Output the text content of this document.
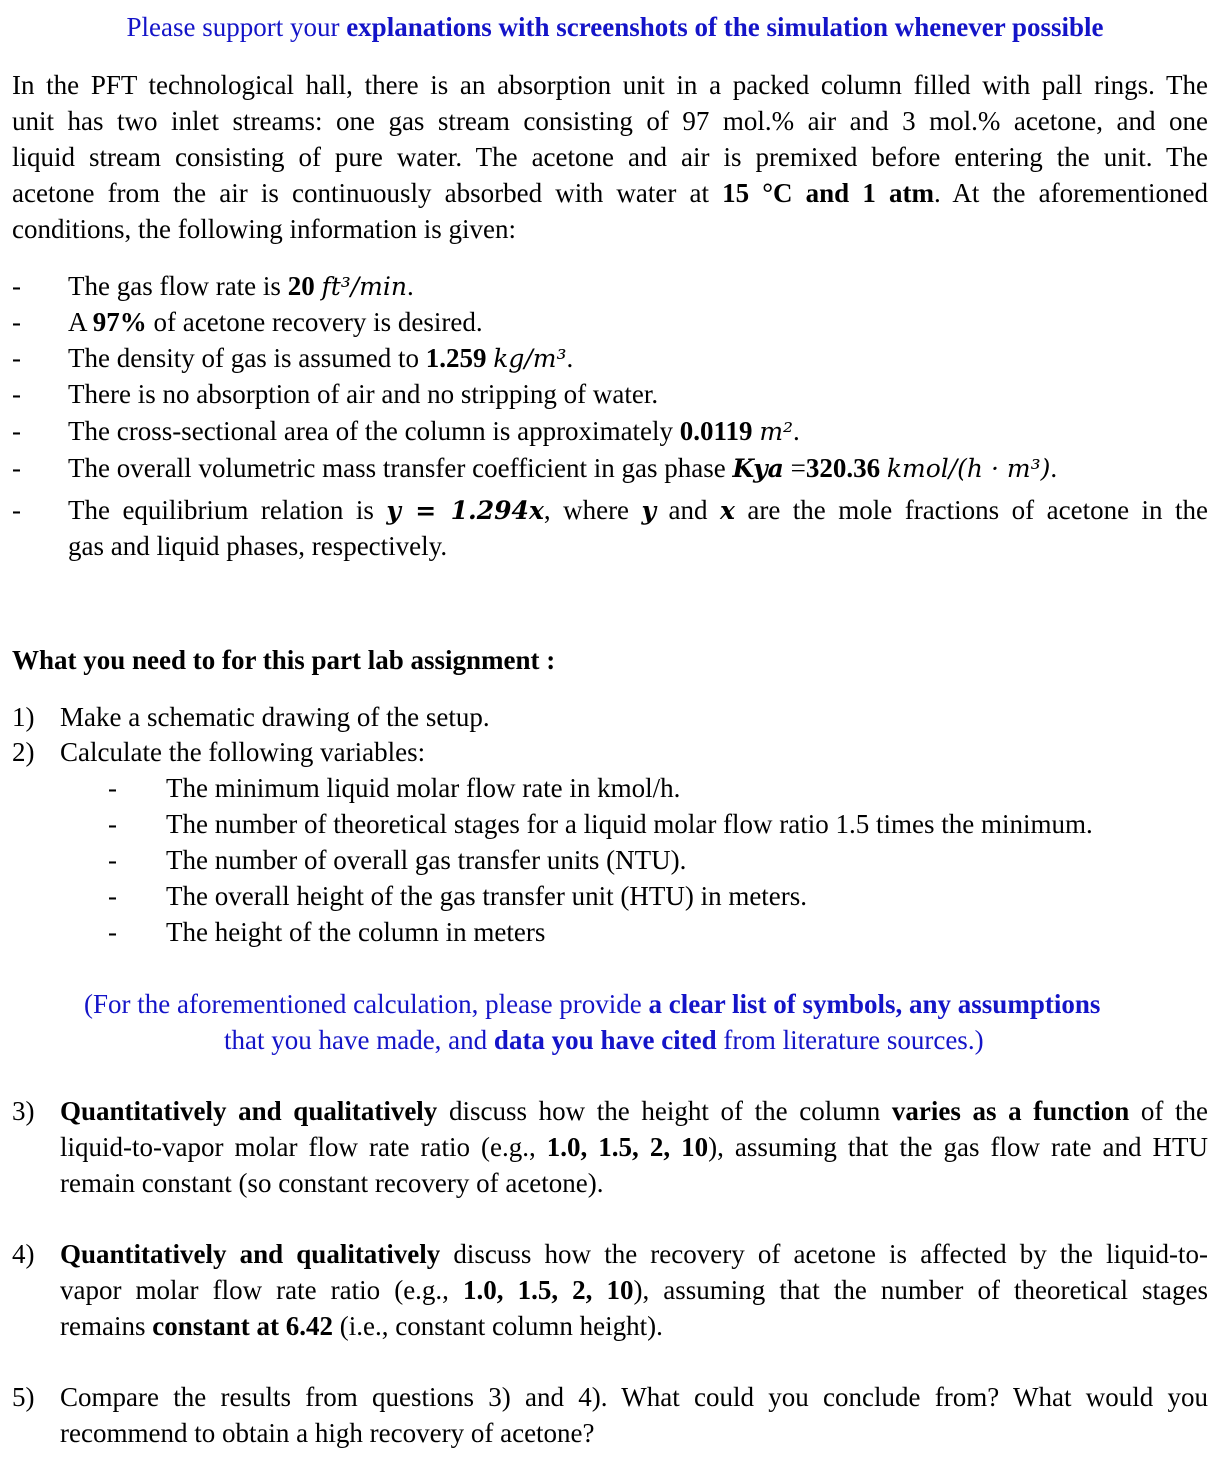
Please support your explanations with screenshots of the simulation whenever possible
In the PFT technological hall, there is an absorption unit in a packed column filled with pall rings. The
unit has two inlet streams: one gas stream consisting of 97 mol.% air and 3 mol.% acetone, and one
liquid stream consisting of pure water. The acetone and air is premixed before entering the unit. The
acetone from the air is continuously absorbed with water at 15 °C and 1 atm. At the aforementioned
conditions, the following information is given:
-	The gas flow rate is 20 ft³/min.
-	A 97% of acetone recovery is desired.
-	The density of gas is assumed to 1.259 kg/m³.
-	There is no absorption of air and no stripping of water.
-	The cross-sectional area of the column is approximately 0.0119 m².
-	The overall volumetric mass transfer coefficient in gas phase Kya =320.36 kmol/(h · m³).
-	The equilibrium relation is y = 1.294x, where y and x are the mole fractions of acetone in the
gas and liquid phases, respectively.
What you need to for this part lab assignment :
1) Make a schematic drawing of the setup.
2) Calculate the following variables:
- The minimum liquid molar flow rate in kmol/h.
- The number of theoretical stages for a liquid molar flow ratio 1.5 times the minimum.
- The number of overall gas transfer units (NTU).
- The overall height of the gas transfer unit (HTU) in meters.
- The height of the column in meters
(For the aforementioned calculation, please provide a clear list of symbols, any assumptions
that you have made, and data you have cited from literature sources.)
3) Quantitatively and qualitatively discuss how the height of the column varies as a function of the
liquid-to-vapor molar flow rate ratio (e.g., 1.0, 1.5, 2, 10), assuming that the gas flow rate and HTU
remain constant (so constant recovery of acetone).
4) Quantitatively and qualitatively discuss how the recovery of acetone is affected by the liquid-to-
vapor molar flow rate ratio (e.g., 1.0, 1.5, 2, 10), assuming that the number of theoretical stages
remains constant at 6.42 (i.e., constant column height).
5) Compare the results from questions 3) and 4). What could you conclude from? What would you
recommend to obtain a high recovery of acetone?
